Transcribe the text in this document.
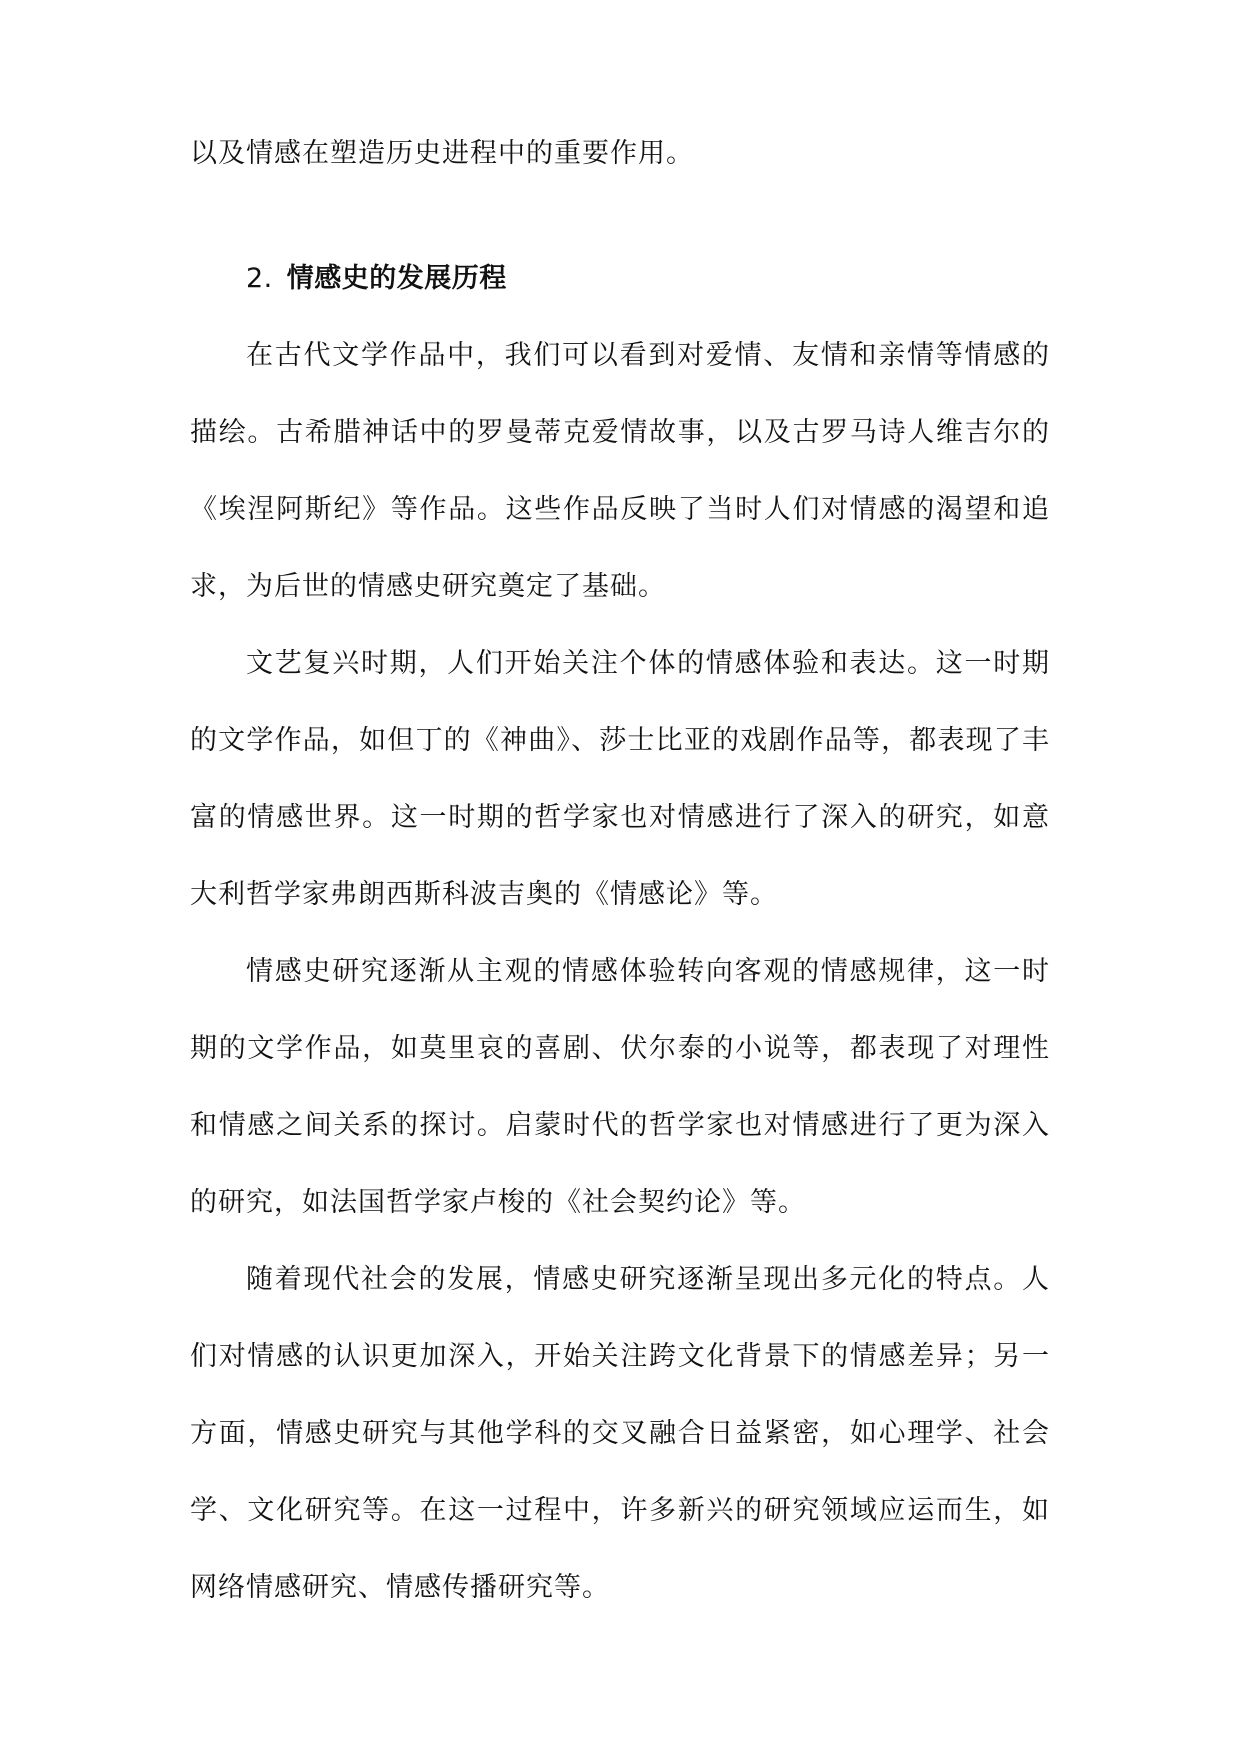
以及情感在塑造历史进程中的重要作用。

2. 情感史的发展历程

在古代文学作品中，我们可以看到对爱情、友情和亲情等情感的描绘。古希腊神话中的罗曼蒂克爱情故事，以及古罗马诗人维吉尔的《埃涅阿斯纪》等作品。这些作品反映了当时人们对情感的渴望和追求，为后世的情感史研究奠定了基础。

文艺复兴时期，人们开始关注个体的情感体验和表达。这一时期的文学作品，如但丁的《神曲》、莎士比亚的戏剧作品等，都表现了丰富的情感世界。这一时期的哲学家也对情感进行了深入的研究，如意大利哲学家弗朗西斯科波吉奥的《情感论》等。

情感史研究逐渐从主观的情感体验转向客观的情感规律，这一时期的文学作品，如莫里哀的喜剧、伏尔泰的小说等，都表现了对理性和情感之间关系的探讨。启蒙时代的哲学家也对情感进行了更为深入的研究，如法国哲学家卢梭的《社会契约论》等。

随着现代社会的发展，情感史研究逐渐呈现出多元化的特点。人们对情感的认识更加深入，开始关注跨文化背景下的情感差异；另一方面，情感史研究与其他学科的交叉融合日益紧密，如心理学、社会学、文化研究等。在这一过程中，许多新兴的研究领域应运而生，如网络情感研究、情感传播研究等。
